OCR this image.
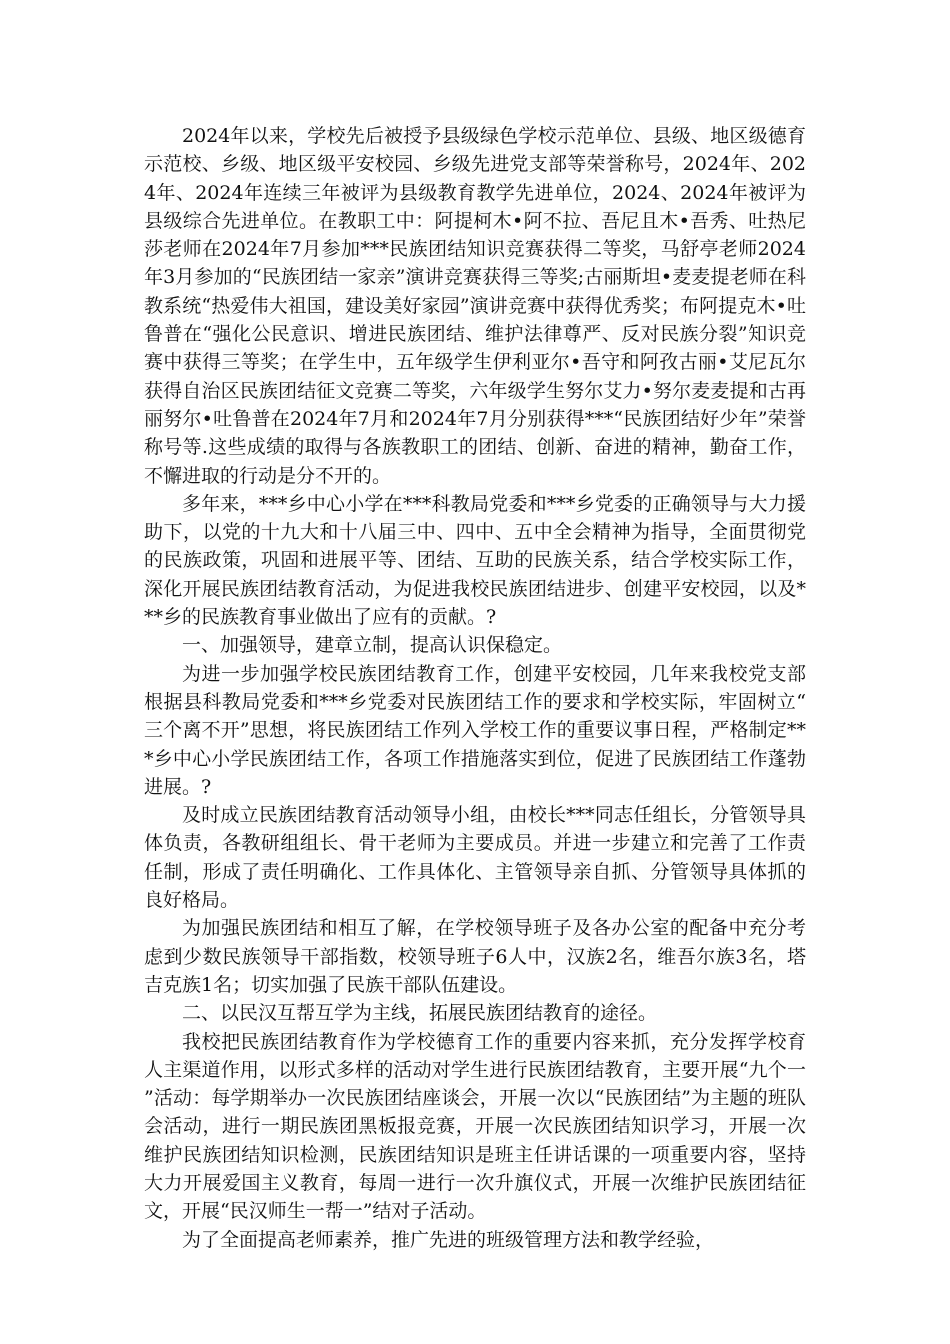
2024年以来，学校先后被授予县级绿色学校示范单位、县级、地区级德育示范校、乡级、地区级平安校园、乡级先进党支部等荣誉称号，2024年、2024年、2024年连续三年被评为县级教育教学先进单位，2024、2024年被评为县级综合先进单位。在教职工中：阿提柯木•阿不拉、吾尼且木•吾秀、吐热尼莎老师在2024年7月参加***民族团结知识竞赛获得二等奖，马舒亭老师2024年3月参加的“民族团结一家亲”演讲竞赛获得三等奖;古丽斯坦•麦麦提老师在科教系统“热爱伟大祖国，建设美好家园”演讲竞赛中获得优秀奖；布阿提克木•吐鲁普在“强化公民意识、增进民族团结、维护法律尊严、反对民族分裂”知识竞赛中获得三等奖；在学生中，五年级学生伊利亚尔•吾守和阿孜古丽•艾尼瓦尔获得自治区民族团结征文竞赛二等奖，六年级学生努尔艾力•努尔麦麦提和古再丽努尔•吐鲁普在2024年7月和2024年7月分别获得***“民族团结好少年”荣誉称号等.这些成绩的取得与各族教职工的团结、创新、奋进的精神，勤奋工作，不懈进取的行动是分不开的。

多年来，***乡中心小学在***科教局党委和***乡党委的正确领导与大力援助下，以党的十九大和十八届三中、四中、五中全会精神为指导，全面贯彻党的民族政策，巩固和进展平等、团结、互助的民族关系，结合学校实际工作，深化开展民族团结教育活动，为促进我校民族团结进步、创建平安校园，以及***乡的民族教育事业做出了应有的贡献。?

一、加强领导，建章立制，提高认识保稳定。

为进一步加强学校民族团结教育工作，创建平安校园，几年来我校党支部根据县科教局党委和***乡党委对民族团结工作的要求和学校实际，牢固树立“三个离不开”思想，将民族团结工作列入学校工作的重要议事日程，严格制定***乡中心小学民族团结工作，各项工作措施落实到位，促进了民族团结工作蓬勃进展。?

及时成立民族团结教育活动领导小组，由校长***同志任组长，分管领导具体负责，各教研组组长、骨干老师为主要成员。并进一步建立和完善了工作责任制，形成了责任明确化、工作具体化、主管领导亲自抓、分管领导具体抓的良好格局。

为加强民族团结和相互了解，在学校领导班子及各办公室的配备中充分考虑到少数民族领导干部指数，校领导班子6人中，汉族2名，维吾尔族3名，塔吉克族1名；切实加强了民族干部队伍建设。

二、以民汉互帮互学为主线，拓展民族团结教育的途径。

我校把民族团结教育作为学校德育工作的重要内容来抓，充分发挥学校育人主渠道作用，以形式多样的活动对学生进行民族团结教育，主要开展“九个一”活动：每学期举办一次民族团结座谈会，开展一次以“民族团结”为主题的班队会活动，进行一期民族团黑板报竞赛，开展一次民族团结知识学习，开展一次维护民族团结知识检测，民族团结知识是班主任讲话课的一项重要内容，坚持大力开展爱国主义教育，每周一进行一次升旗仪式，开展一次维护民族团结征文，开展“民汉师生一帮一”结对子活动。

为了全面提高老师素养，推广先进的班级管理方法和教学经验，
